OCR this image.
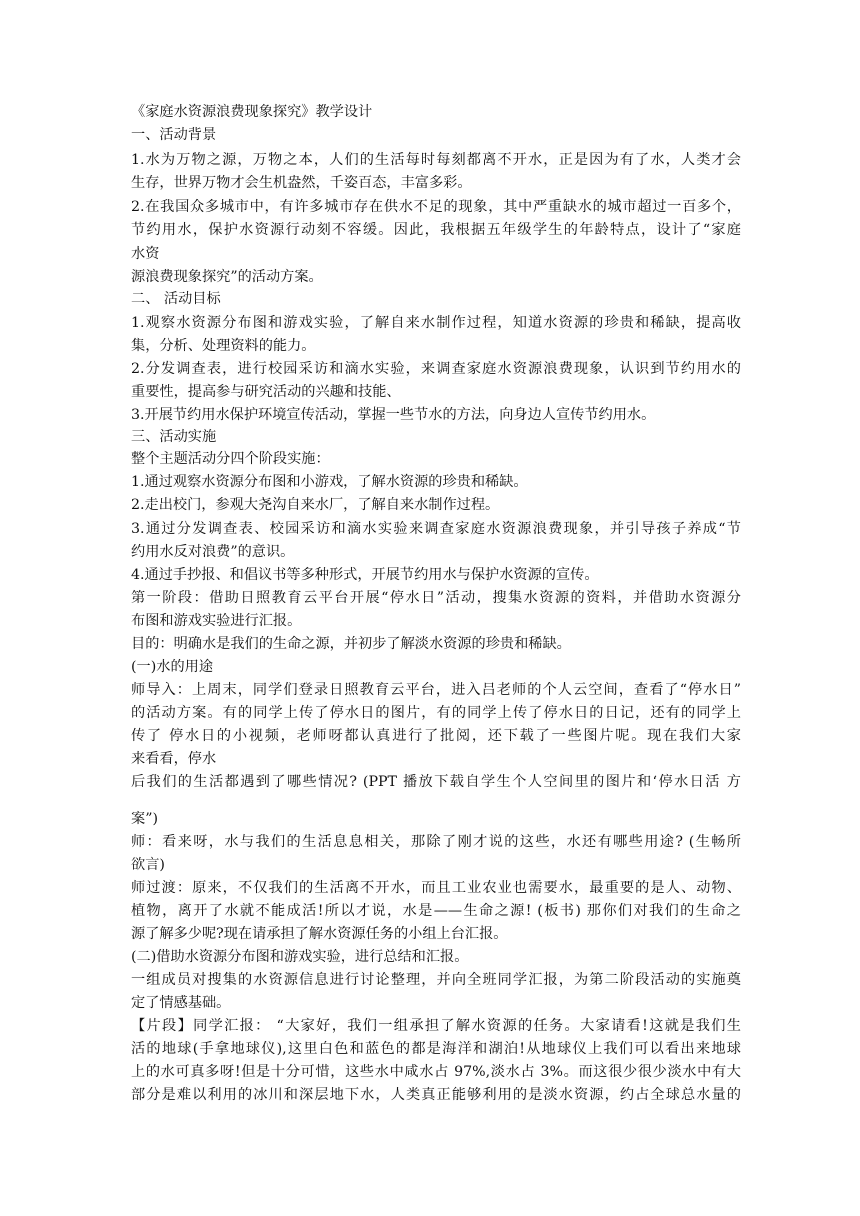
《家庭水资源浪费现象探究》教学设计
一、活动背景
1.水为万物之源，万物之本，人们的生活每时每刻都离不开水，正是因为有了水，人类才会
生存，世界万物才会生机盎然，千姿百态，丰富多彩。
2.在我国众多城市中，有许多城市存在供水不足的现象，其中严重缺水的城市超过一百多个，
节约用水，保护水资源行动刻不容缓。因此，我根据五年级学生的年龄特点，设计了“家庭
水资
源浪费现象探究”的活动方案。
二、 活动目标
1.观察水资源分布图和游戏实验，了解自来水制作过程，知道水资源的珍贵和稀缺，提高收
集，分析、处理资料的能力。
2.分发调查表，进行校园采访和滴水实验，来调查家庭水资源浪费现象，认识到节约用水的
重要性，提高参与研究活动的兴趣和技能、
3.开展节约用水保护环境宣传活动，掌握一些节水的方法，向身边人宣传节约用水。
三、活动实施
整个主题活动分四个阶段实施：
1.通过观察水资源分布图和小游戏，了解水资源的珍贵和稀缺。
2.走出校门，参观大尧沟自来水厂，了解自来水制作过程。
3.通过分发调查表、校园采访和滴水实验来调查家庭水资源浪费现象，并引导孩子养成“节
约用水反对浪费”的意识。
4.通过手抄报、和倡议书等多种形式，开展节约用水与保护水资源的宣传。
第一阶段：借助日照教育云平台开展“停水日”活动，搜集水资源的资料，并借助水资源分
布图和游戏实验进行汇报。
目的：明确水是我们的生命之源，并初步了解淡水资源的珍贵和稀缺。
(一)水的用途
师导入：上周末，同学们登录日照教育云平台，进入吕老师的个人云空间，查看了“停水日”
的活动方案。有的同学上传了停水日的图片，有的同学上传了停水日的日记，还有的同学上
传了 停水日的小视频，老师呀都认真进行了批阅，还下载了一些图片呢。现在我们大家
来看看，停水
后我们的生活都遇到了哪些情况? (PPT 播放下载自学生个人空间里的图片和‘停水日活 方
案”)
师：看来呀，水与我们的生活息息相关，那除了刚才说的这些，水还有哪些用途? (生畅所
欲言)
师过渡：原来，不仅我们的生活离不开水，而且工业农业也需要水，最重要的是人、动物、
植物，离开了水就不能成活!所以才说，水是——生命之源! (板书) 那你们对我们的生命之
源了解多少呢?现在请承担了解水资源任务的小组上台汇报。
(二)借助水资源分布图和游戏实验，进行总结和汇报。
一组成员对搜集的水资源信息进行讨论整理，并向全班同学汇报，为第二阶段活动的实施奠
定了情感基础。
【片段】同学汇报： “大家好，我们一组承担了解水资源的任务。大家请看!这就是我们生
活的地球(手拿地球仪),这里白色和蓝色的都是海洋和湖泊!从地球仪上我们可以看出来地球
上的水可真多呀!但是十分可惜，这些水中咸水占 97%,淡水占 3%。而这很少很少淡水中有大
部分是难以利用的冰川和深层地下水，人类真正能够利用的是淡水资源，约占全球总水量的
